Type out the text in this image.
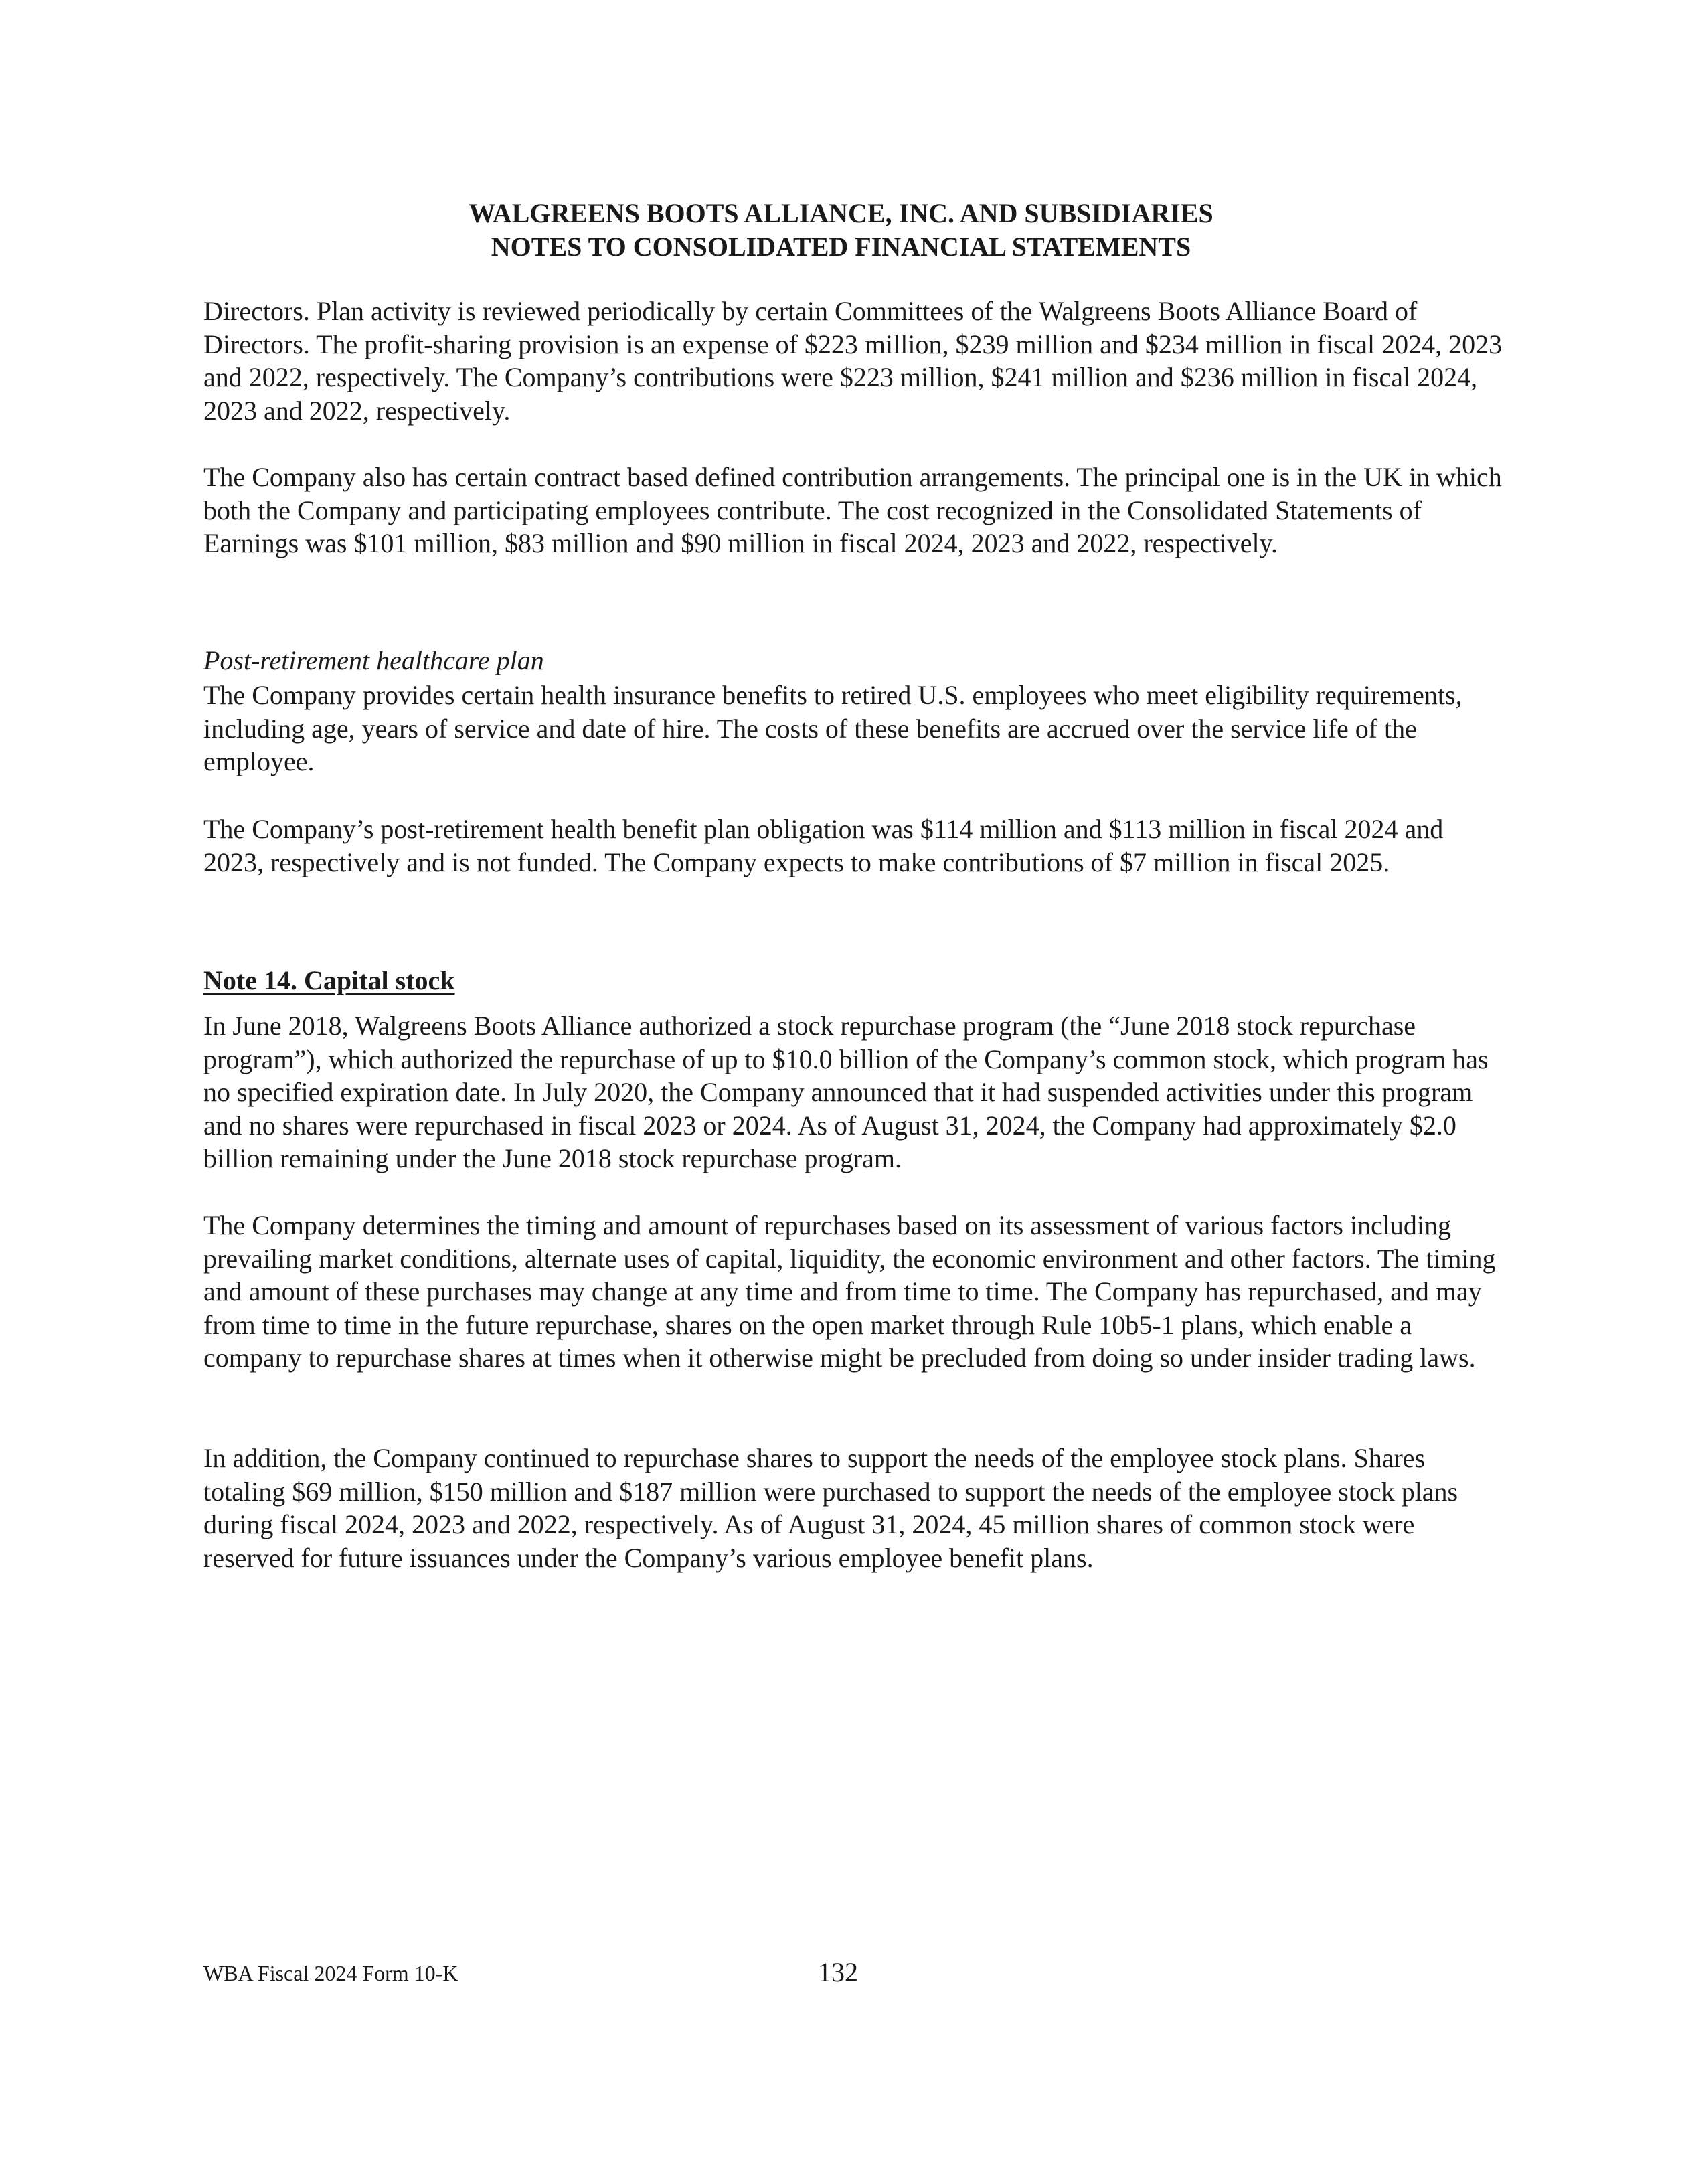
WALGREENS BOOTS ALLIANCE, INC. AND SUBSIDIARIES
NOTES TO CONSOLIDATED FINANCIAL STATEMENTS

Directors. Plan activity is reviewed periodically by certain Committees of the Walgreens Boots Alliance Board of Directors. The profit-sharing provision is an expense of $223 million, $239 million and $234 million in fiscal 2024, 2023 and 2022, respectively. The Company’s contributions were $223 million, $241 million and $236 million in fiscal 2024, 2023 and 2022, respectively.

The Company also has certain contract based defined contribution arrangements. The principal one is in the UK in which both the Company and participating employees contribute. The cost recognized in the Consolidated Statements of Earnings was $101 million, $83 million and $90 million in fiscal 2024, 2023 and 2022, respectively.

Post-retirement healthcare plan

The Company provides certain health insurance benefits to retired U.S. employees who meet eligibility requirements, including age, years of service and date of hire. The costs of these benefits are accrued over the service life of the employee.

The Company’s post-retirement health benefit plan obligation was $114 million and $113 million in fiscal 2024 and 2023, respectively and is not funded. The Company expects to make contributions of $7 million in fiscal 2025.

Note 14. Capital stock

In June 2018, Walgreens Boots Alliance authorized a stock repurchase program (the “June 2018 stock repurchase program”), which authorized the repurchase of up to $10.0 billion of the Company’s common stock, which program has no specified expiration date. In July 2020, the Company announced that it had suspended activities under this program and no shares were repurchased in fiscal 2023 or 2024. As of August 31, 2024, the Company had approximately $2.0 billion remaining under the June 2018 stock repurchase program.

The Company determines the timing and amount of repurchases based on its assessment of various factors including prevailing market conditions, alternate uses of capital, liquidity, the economic environment and other factors. The timing and amount of these purchases may change at any time and from time to time. The Company has repurchased, and may from time to time in the future repurchase, shares on the open market through Rule 10b5-1 plans, which enable a company to repurchase shares at times when it otherwise might be precluded from doing so under insider trading laws.

In addition, the Company continued to repurchase shares to support the needs of the employee stock plans. Shares totaling $69 million, $150 million and $187 million were purchased to support the needs of the employee stock plans during fiscal 2024, 2023 and 2022, respectively. As of August 31, 2024, 45 million shares of common stock were reserved for future issuances under the Company’s various employee benefit plans.

WBA Fiscal 2024 Form 10-K	132
